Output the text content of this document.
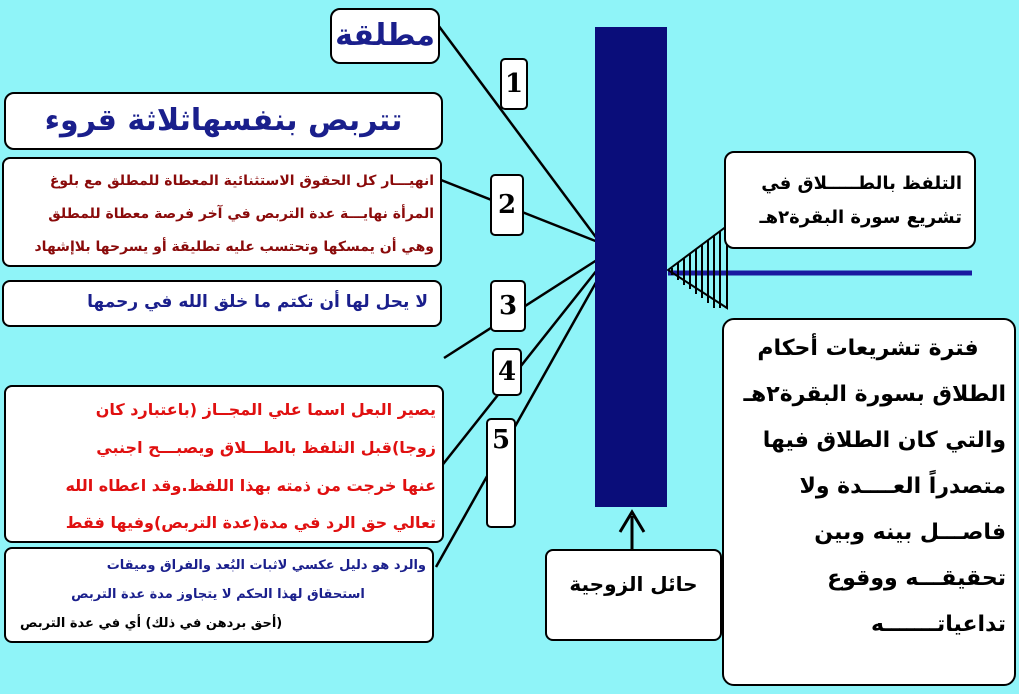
مطلقة
تتربص بنفسهاثلاثة قروء
انهيـــار كل الحقوق الاستثنائية المعطاة للمطلق مع بلوغ
المرأة نهايـــة عدة التربص في آخر فرصة معطاة للمطلق
وهي أن يمسكها وتحتسب عليه تطليقة أو يسرحها بلاإشهاد
لا يحل لها أن تكتم ما خلق الله في رحمها
يصير البعل اسما علي المجــاز (باعتبارد كان
زوجا)قبل التلفظ بالطـــلاق ويصبـــح اجنبي
عنها خرجت من ذمته بهذا اللفظ.وقد اعطاه الله
تعالي حق الرد في مدة(عدة التربص)وفيها فقط
والرد هو دليل عكسي لاثبات البُعد والفراق وميقات
استحقاق لهذا الحكم لا يتجاوز مدة عدة التربص
(أحق بردهن في ذلك) أي في عدة التربص
1
2
3
4
5
التلفظ بالطـــــلاق في
تشريع سورة البقرة٢هـ
فترة تشريعات أحكام
الطلاق بسورة البقرة٢هـ
والتي كان الطلاق فيها
متصدراً العــــدة ولا
فاصـــل بينه وبين
تحقيقـــه ووقوع
تداعياتـــــــه
حائل الزوجية
